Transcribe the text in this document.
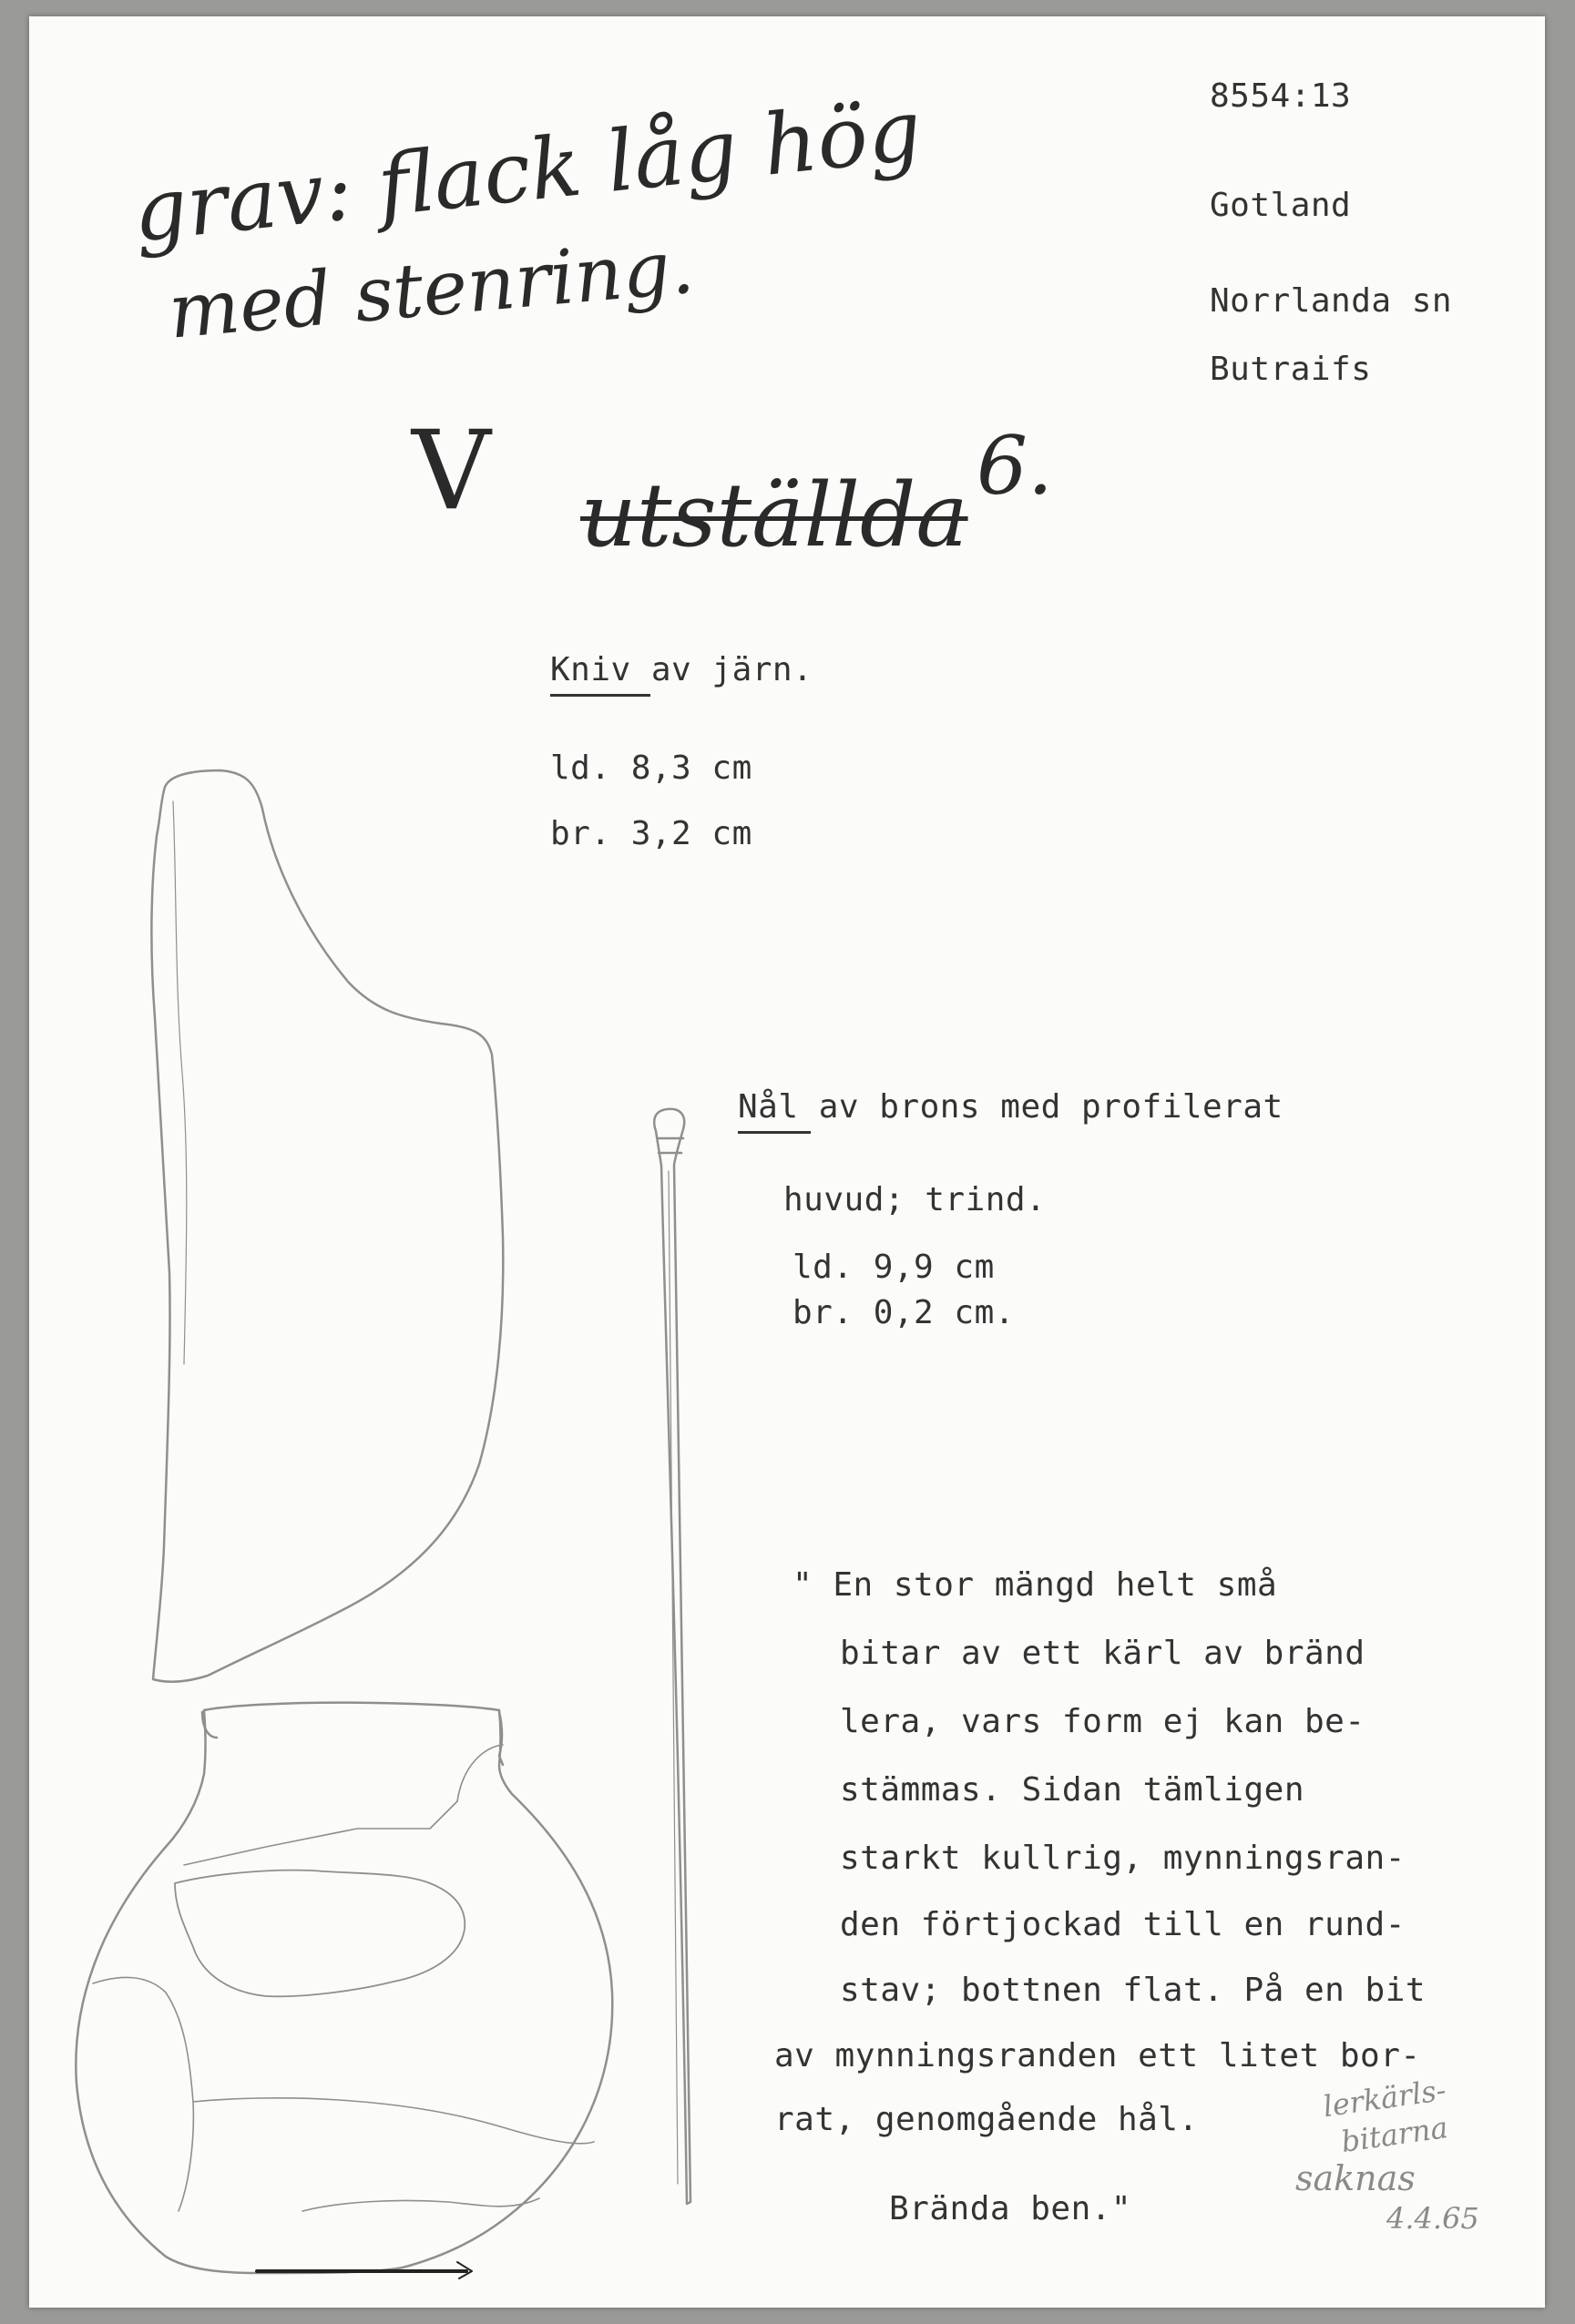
8554:13
Gotland
Norrlanda sn
Butraifs
grav: flack låg hög
med stenring.
V	6.
utställda
Kniv av järn.
ld. 8,3 cm
br. 3,2 cm
Nål av brons med profilerat
huvud; trind.
ld. 9,9 cm
br. 0,2 cm.
" En stor mängd helt små
bitar av ett kärl av bränd
lera, vars form ej kan be-
stämmas. Sidan tämligen
starkt kullrig, mynningsran-
den förtjockad till en rund-
stav; bottnen flat. På en bit
av mynningsranden ett litet bor-
rat, genomgående hål.
Brända ben."
lerkärls-
bitarna
saknas
4.4.65
